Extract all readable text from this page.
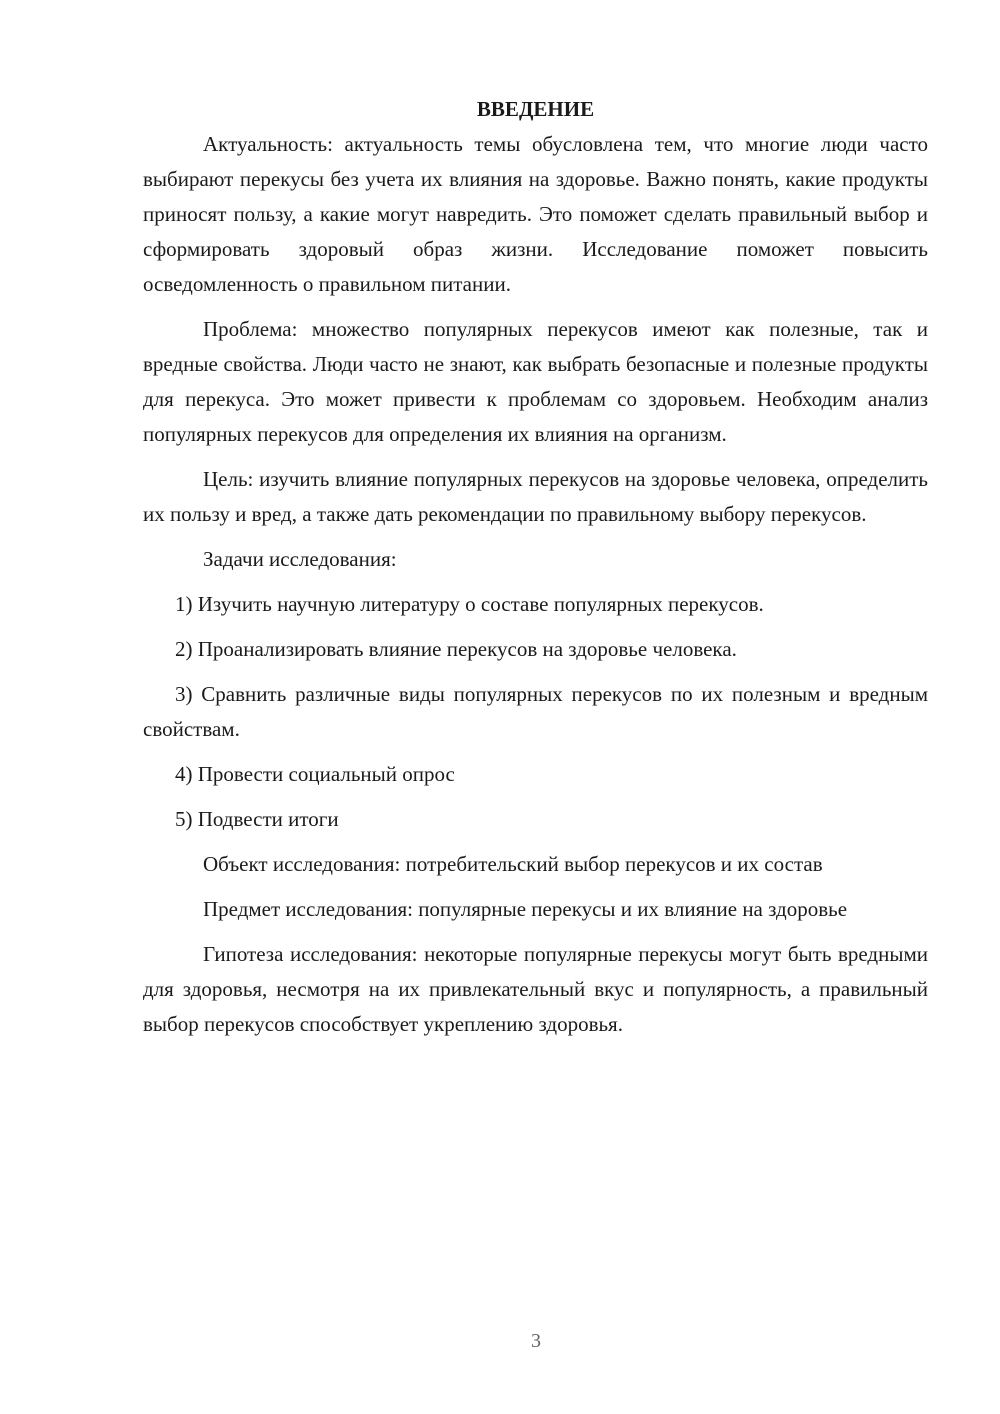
ВВЕДЕНИЕ

Актуальность: актуальность темы обусловлена тем, что многие люди часто выбирают перекусы без учета их влияния на здоровье. Важно понять, какие продукты приносят пользу, а какие могут навредить. Это поможет сделать правильный выбор и сформировать здоровый образ жизни. Исследование поможет повысить осведомленность о правильном питании.

Проблема: множество популярных перекусов имеют как полезные, так и вредные свойства. Люди часто не знают, как выбрать безопасные и полезные продукты для перекуса. Это может привести к проблемам со здоровьем. Необходим анализ популярных перекусов для определения их влияния на организм.

Цель: изучить влияние популярных перекусов на здоровье человека, определить их пользу и вред, а также дать рекомендации по правильному выбору перекусов.

Задачи исследования:

1) Изучить научную литературу о составе популярных перекусов.

2) Проанализировать влияние перекусов на здоровье человека.

3) Сравнить различные виды популярных перекусов по их полезным и вредным свойствам.

4) Провести социальный опрос

5) Подвести итоги

Объект исследования: потребительский выбор перекусов и их состав

Предмет исследования: популярные перекусы и их влияние на здоровье

Гипотеза исследования: некоторые популярные перекусы могут быть вредными для здоровья, несмотря на их привлекательный вкус и популярность, а правильный выбор перекусов способствует укреплению здоровья.

3
